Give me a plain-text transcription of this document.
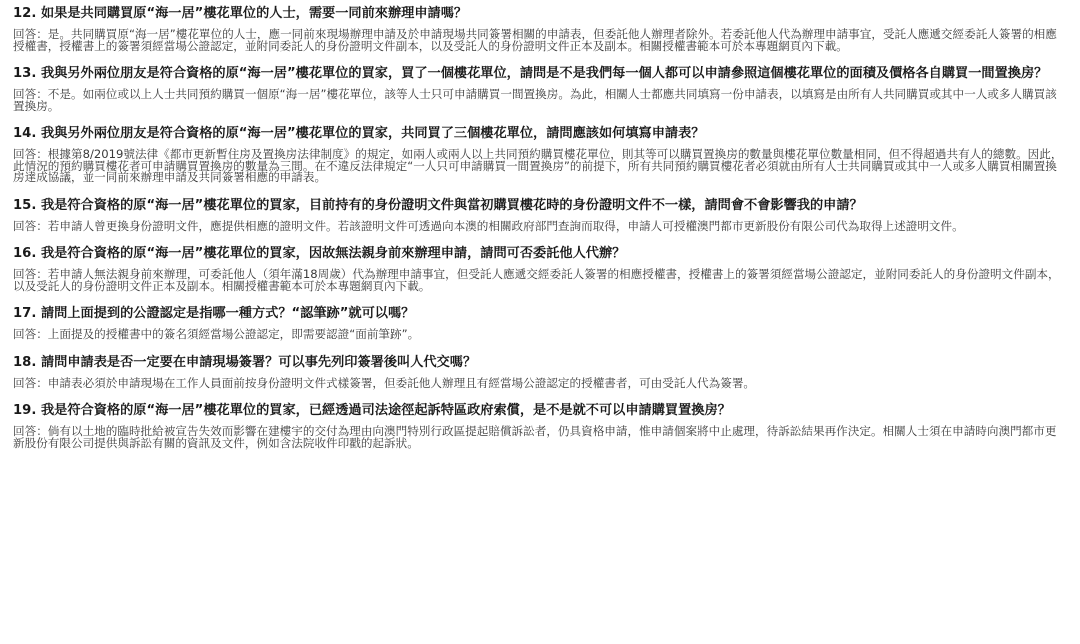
12. 如果是共同購買原“海一居”樓花單位的人士，需要一同前來辦理申請嗎？
回答：是。共同購買原“海一居”樓花單位的人士，應一同前來現場辦理申請及於申請現場共同簽署相關的申請表，但委託他人辦理者除外。若委託他人代為辦理申請事宜，受託人應遞交經委託人簽署的相應授權書，授權書上的簽署須經當場公證認定，並附同委託人的身份證明文件副本，以及受託人的身份證明文件正本及副本。相關授權書範本可於本專題網頁內下載。
13. 我與另外兩位朋友是符合資格的原“海一居”樓花單位的買家，買了一個樓花單位，請問是不是我們每一個人都可以申請參照這個樓花單位的面積及價格各自購買一間置換房？
回答：不是。如兩位或以上人士共同預約購買一個原“海一居”樓花單位，該等人士只可申請購買一間置換房。為此，相關人士都應共同填寫一份申請表，以填寫是由所有人共同購買或其中一人或多人購買該置換房。
14. 我與另外兩位朋友是符合資格的原“海一居”樓花單位的買家，共同買了三個樓花單位，請問應該如何填寫申請表？
回答：根據第8/2019號法律《都市更新暫住房及置換房法律制度》的規定，如兩人或兩人以上共同預約購買樓花單位，則其等可以購買置換房的數量與樓花單位數量相同，但不得超過共有人的總數。因此，此情況的預約購買樓花者可申請購買置換房的數量為三間。在不違反法律規定“一人只可申請購買一間置換房”的前提下，所有共同預約購買樓花者必須就由所有人士共同購買或其中一人或多人購買相關置換房達成協議，並一同前來辦理申請及共同簽署相應的申請表。
15. 我是符合資格的原“海一居”樓花單位的買家，目前持有的身份證明文件與當初購買樓花時的身份證明文件不一樣，請問會不會影響我的申請？
回答：若申請人曾更換身份證明文件，應提供相應的證明文件。若該證明文件可透過向本澳的相關政府部門查詢而取得，申請人可授權澳門都市更新股份有限公司代為取得上述證明文件。
16. 我是符合資格的原“海一居”樓花單位的買家，因故無法親身前來辦理申請，請問可否委託他人代辦？
回答：若申請人無法親身前來辦理，可委託他人（須年滿18周歲）代為辦理申請事宜，但受託人應遞交經委託人簽署的相應授權書，授權書上的簽署須經當場公證認定，並附同委託人的身份證明文件副本，以及受託人的身份證明文件正本及副本。相關授權書範本可於本專題網頁內下載。
17. 請問上面提到的公證認定是指哪一種方式？“認筆跡”就可以嗎？
回答：上面提及的授權書中的簽名須經當場公證認定，即需要認證“面前筆跡”。
18. 請問申請表是否一定要在申請現場簽署？可以事先列印簽署後叫人代交嗎？
回答：申請表必須於申請現場在工作人員面前按身份證明文件式樣簽署，但委託他人辦理且有經當場公證認定的授權書者，可由受託人代為簽署。
19. 我是符合資格的原“海一居”樓花單位的買家，已經透過司法途徑起訴特區政府索償，是不是就不可以申請購買置換房？
回答：倘有以土地的臨時批給被宣告失效而影響在建樓宇的交付為理由向澳門特別行政區提起賠償訴訟者，仍具資格申請，惟申請個案將中止處理，待訴訟結果再作決定。相關人士須在申請時向澳門都市更新股份有限公司提供與訴訟有關的資訊及文件，例如含法院收件印戳的起訴狀。
